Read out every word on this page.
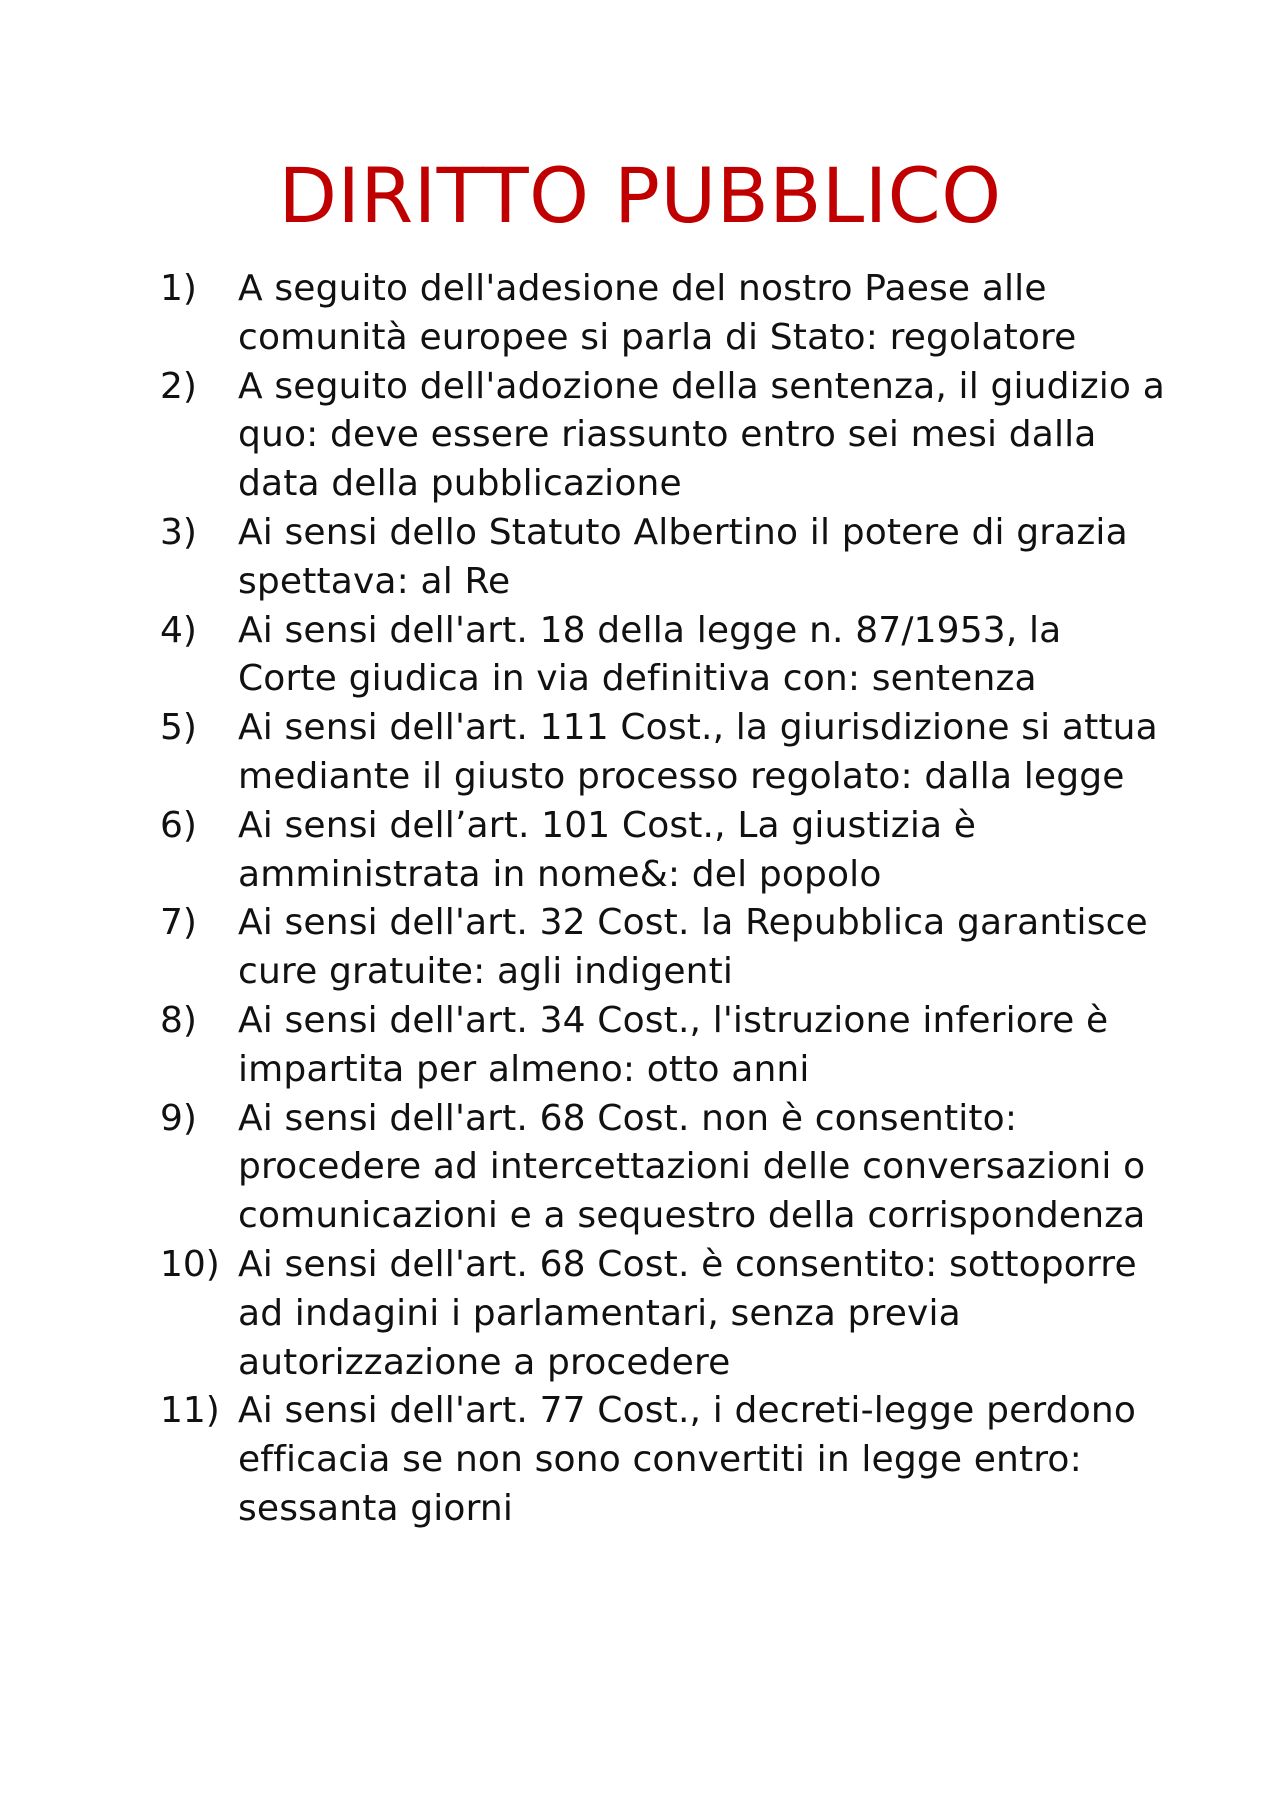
DIRITTO PUBBLICO
1)	A seguito dell'adesione del nostro Paese alle comunità europee si parla di Stato: regolatore
2)	A seguito dell'adozione della sentenza, il giudizio a quo: deve essere riassunto entro sei mesi dalla data della pubblicazione
3)	Ai sensi dello Statuto Albertino il potere di grazia spettava: al Re
4)	Ai sensi dell'art. 18 della legge n. 87/1953, la Corte giudica in via definitiva con: sentenza
5)	Ai sensi dell'art. 111 Cost., la giurisdizione si attua mediante il giusto processo regolato: dalla legge
6)	Ai sensi dell’art. 101 Cost., La giustizia è amministrata in nome&: del popolo
7)	Ai sensi dell'art. 32 Cost. la Repubblica garantisce cure gratuite: agli indigenti
8)	Ai sensi dell'art. 34 Cost., l'istruzione inferiore è impartita per almeno: otto anni
9)	Ai sensi dell'art. 68 Cost. non è consentito: procedere ad intercettazioni delle conversazioni o comunicazioni e a sequestro della corrispondenza
10) Ai sensi dell'art. 68 Cost. è consentito: sottoporre ad indagini i parlamentari, senza previa autorizzazione a procedere
11) Ai sensi dell'art. 77 Cost., i decreti-legge perdono efficacia se non sono convertiti in legge entro: sessanta giorni
